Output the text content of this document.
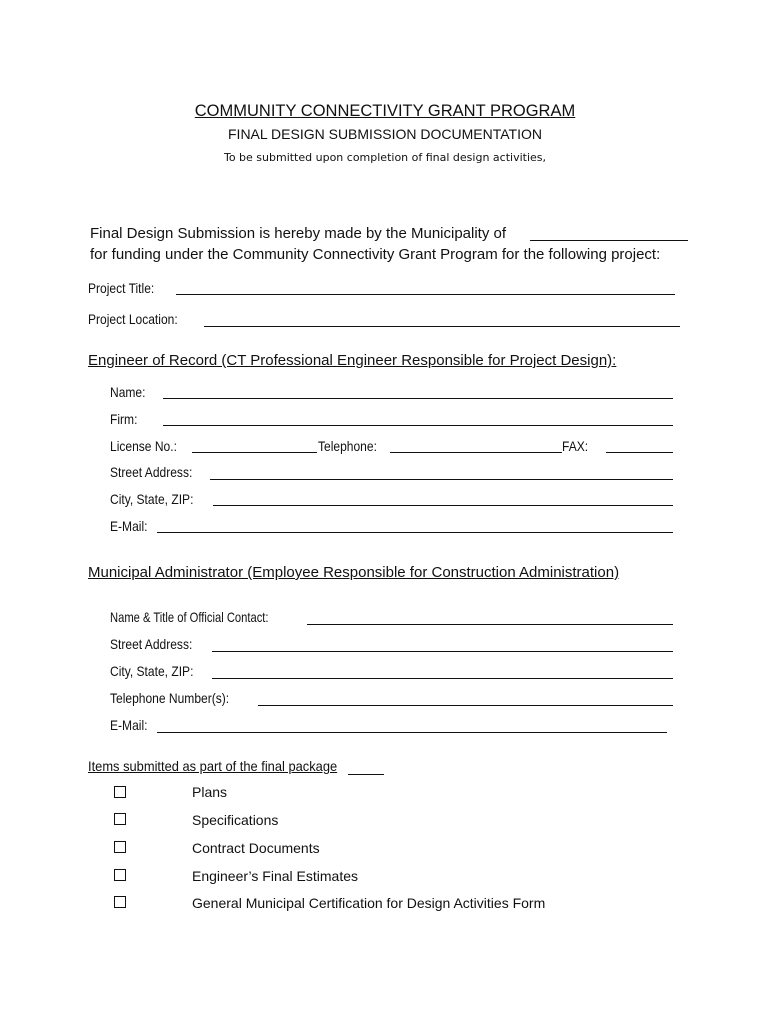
COMMUNITY CONNECTIVITY GRANT PROGRAM
FINAL DESIGN SUBMISSION DOCUMENTATION
To be submitted upon completion of final design activities,
Final Design Submission is hereby made by the Municipality of
for funding under the Community Connectivity Grant Program for the following project:
Project Title:
Project Location:
Engineer of Record (CT Professional Engineer Responsible for Project Design):
Name:
Firm:
License No.:	Telephone:	FAX:
Street Address:
City, State, ZIP:
E-Mail:
Municipal Administrator (Employee Responsible for Construction Administration)
Name & Title of Official Contact:
Street Address:
City, State, ZIP:
Telephone Number(s):
E-Mail:
Items submitted as part of the final package
Plans
Specifications
Contract Documents
Engineer’s Final Estimates
General Municipal Certification for Design Activities Form
